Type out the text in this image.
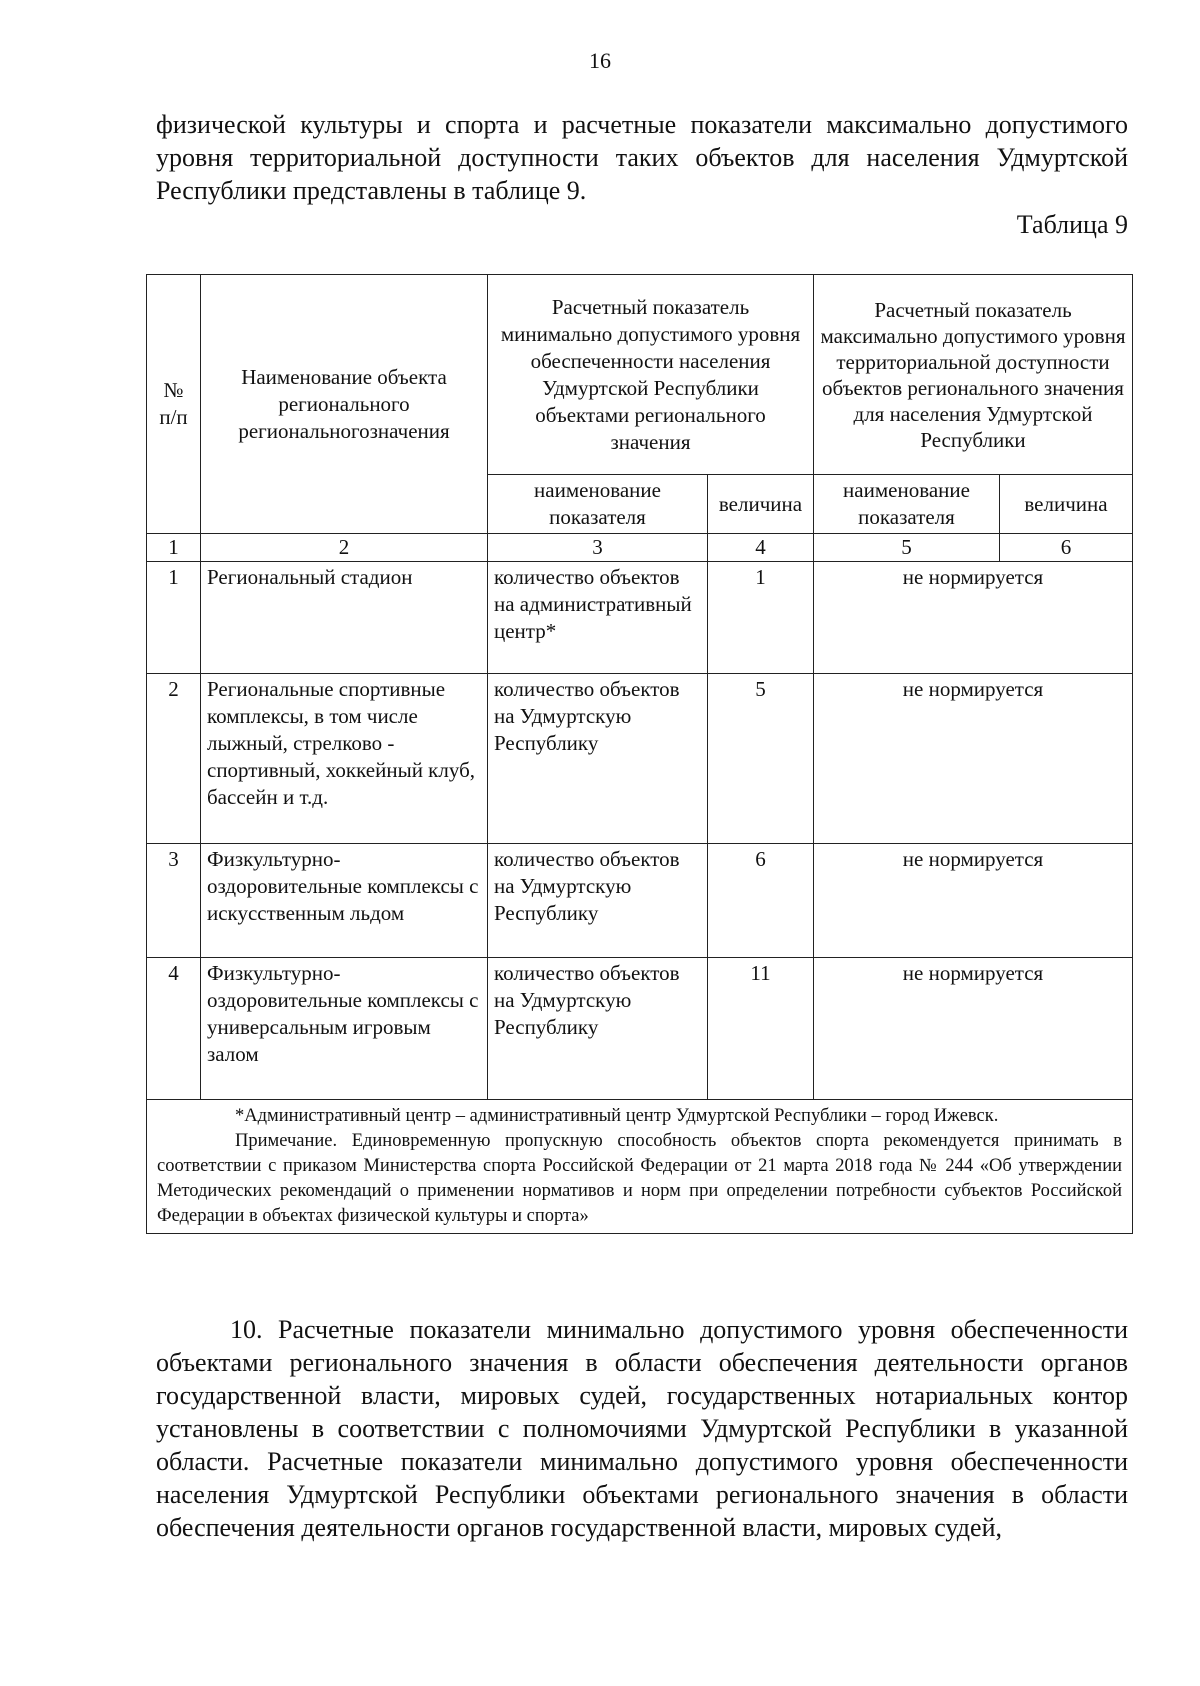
16

физической культуры и спорта и расчетные показатели максимально допустимого уровня территориальной доступности таких объектов для населения Удмуртской Республики представлены в таблице 9.

Таблица 9
№ п/п	Наименование объекта регионального региональногозначения	Расчетный показатель минимально допустимого уровня обеспеченности населения Удмуртской Республики объектами регионального значения		Расчетный показатель максимально допустимого уровня территориальной доступности объектов регионального значения для населения Удмуртской Республики	
		наименование показателя	величина	наименование показателя	величина
1	2	3	4	5	6
1	Региональный стадион	количество объектов на административный центр*	1	не нормируется	
2	Региональные спортивные комплексы, в том числе лыжный, стрелково - спортивный, хоккейный клуб, бассейн и т.д.	количество объектов на Удмуртскую Республику	5	не нормируется	
3	Физкультурно-оздоровительные комплексы с искусственным льдом	количество объектов на Удмуртскую Республику	6	не нормируется	
4	Физкультурно-оздоровительные комплексы с универсальным игровым залом	количество объектов на Удмуртскую Республику	11	не нормируется	

*Административный центр – административный центр Удмуртской Республики – город Ижевск.

Примечание. Единовременную пропускную способность объектов спорта рекомендуется принимать в соответствии с приказом Министерства спорта Российской Федерации от 21 марта 2018 года № 244 «Об утверждении Методических рекомендаций о применении нормативов и норм при определении потребности субъектов Российской Федерации в объектах физической культуры и спорта»					

10. Расчетные показатели минимально допустимого уровня обеспеченности объектами регионального значения в области обеспечения деятельности органов государственной власти, мировых судей, государственных нотариальных контор установлены в соответствии с полномочиями Удмуртской Республики в указанной области. Расчетные показатели минимально допустимого уровня обеспеченности населения Удмуртской Республики объектами регионального значения в области обеспечения деятельности органов государственной власти, мировых судей,
